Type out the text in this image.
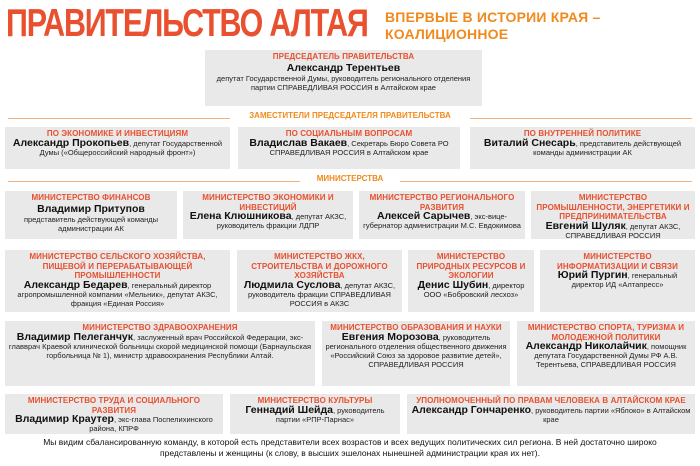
ПРАВИТЕЛЬСТВО АЛТАЯ ВПЕРВЫЕ В ИСТОРИИ КРАЯ – КОАЛИЦИОННОЕ
ПРЕДСЕДАТЕЛЬ ПРАВИТЕЛЬСТВА
Александр Терентьев
депутат Государственной Думы, руководитель регионального отделения партии СПРАВЕДЛИВАЯ РОССИЯ в Алтайском крае
ЗАМЕСТИТЕЛИ ПРЕДСЕДАТЕЛЯ ПРАВИТЕЛЬСТВА
ПО ЭКОНОМИКЕ И ИНВЕСТИЦИЯМ
Александр Прокопьев, депутат Государственной Думы («Общероссийский народный фронт»)
ПО СОЦИАЛЬНЫМ ВОПРОСАМ
Владислав Вакаев, Секретарь Бюро Совета РО СПРАВЕДЛИВАЯ РОССИЯ в Алтайском крае
ПО ВНУТРЕННЕЙ ПОЛИТИКЕ
Виталий Снесарь, представитель действующей команды администрации АК
МИНИСТЕРСТВА
МИНИСТЕРСТВО ФИНАНСОВ
Владимир Притупов
представитель действующей команды администрации АК
МИНИСТЕРСТВО ЭКОНОМИКИ И ИНВЕСТИЦИЙ
Елена Клюшникова, депутат АКЗС, руководитель фракции ЛДПР
МИНИСТЕРСТВО РЕГИОНАЛЬНОГО РАЗВИТИЯ
Алексей Сарычев, экс-вице-губернатор администрации М.С. Евдокимова
МИНИСТЕРСТВО ПРОМЫШЛЕННОСТИ, ЭНЕРГЕТИКИ И ПРЕДПРИНИМАТЕЛЬСТВА
Евгений Шуляк, депутат АКЗС, СПРАВЕДЛИВАЯ РОССИЯ
МИНИСТЕРСТВО СЕЛЬСКОГО ХОЗЯЙСТВА, ПИЩЕВОЙ И ПЕРЕРАБАТЫВАЮЩЕЙ ПРОМЫШЛЕННОСТИ
Александр Бедарев, генеральный директор агропромышленной компании «Мельник», депутат АКЗС, фракция «Единая Россия»
МИНИСТЕРСТВО ЖКХ, СТРОИТЕЛЬСТВА И ДОРОЖНОГО ХОЗЯЙСТВА
Людмила Суслова, депутат АКЗС, руководитель фракции СПРАВЕДЛИВАЯ РОССИЯ в АКЗС
МИНИСТЕРСТВО ПРИРОДНЫХ РЕСУРСОВ И ЭКОЛОГИИ
Денис Шубин, директор ООО «Бобровский лесхоз»
МИНИСТЕРСТВО ИНФОРМАТИЗАЦИИ И СВЯЗИ
Юрий Пургин, генеральный директор ИД «Алтапресс»
МИНИСТЕРСТВО ЗДРАВООХРАНЕНИЯ
Владимир Пелеганчук, заслуженный врач Российской Федерации, экс-главврач Краевой клинической больницы скорой медицинской помощи (Барнаульская горбольница № 1), министр здравоохранения Республики Алтай.
МИНИСТЕРСТВО ОБРАЗОВАНИЯ И НАУКИ
Евгения Морозова, руководитель регионального отделения общественного движения «Российский Союз за здоровое развитие детей», СПРАВЕДЛИВАЯ РОССИЯ
МИНИСТЕРСТВО СПОРТА, ТУРИЗМА И МОЛОДЕЖНОЙ ПОЛИТИКИ
Александр Николайчик, помощник депутата Государственной Думы РФ А.В. Терентьева, СПРАВЕДЛИВАЯ РОССИЯ
МИНИСТЕРСТВО ТРУДА И СОЦИАЛЬНОГО РАЗВИТИЯ
Владимир Краутер, экс-глава Поспелихинского района, КПРФ
МИНИСТЕРСТВО КУЛЬТУРЫ
Геннадий Шейда, руководитель партии «РПР-Парнас»
УПОЛНОМОЧЕННЫЙ ПО ПРАВАМ ЧЕЛОВЕКА В АЛТАЙСКОМ КРАЕ
Александр Гончаренко, руководитель партии «Яблоко» в Алтайском крае
Мы видим сбалансированную команду, в которой есть представители всех возрастов и всех ведущих политических сил региона. В ней достаточно широко представлены и женщины (к слову, в высших эшелонах нынешней администрации края их нет).
